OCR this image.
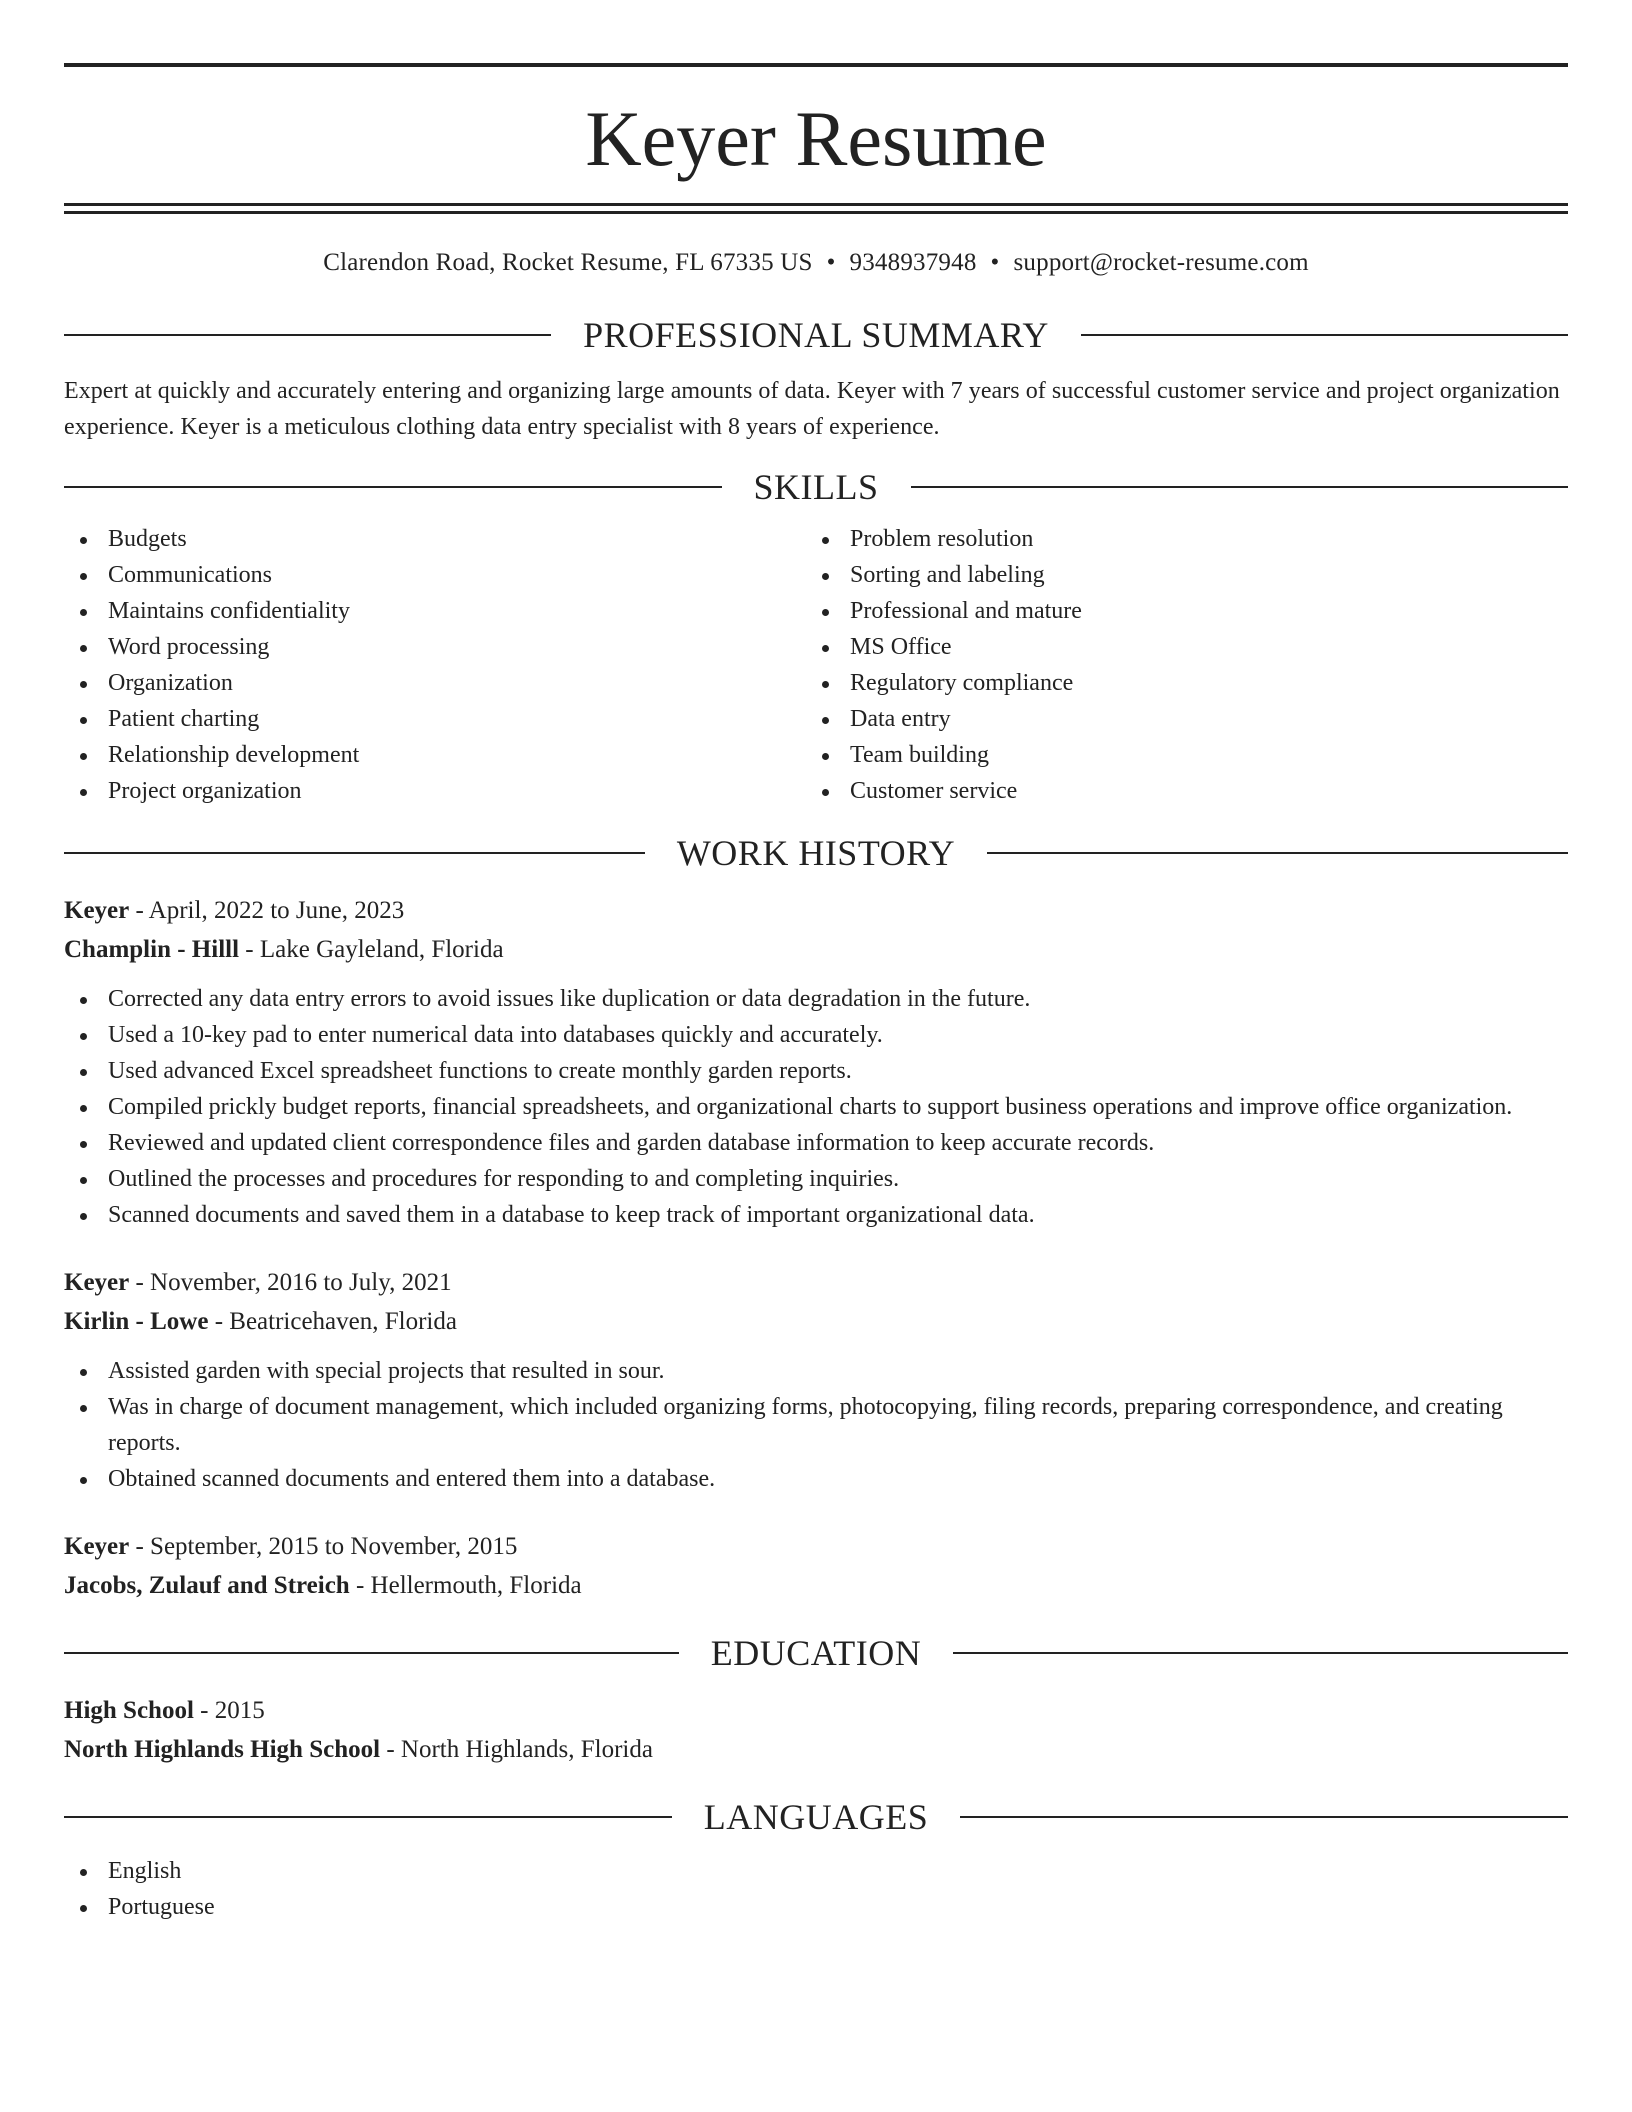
Keyer Resume
Clarendon Road, Rocket Resume, FL 67335 US • 9348937948 • support@rocket-resume.com
PROFESSIONAL SUMMARY

Expert at quickly and accurately entering and organizing large amounts of data. Keyer with 7 years of successful customer service and project organization experience. Keyer is a meticulous clothing data entry specialist with 8 years of experience.

SKILLS
Budgets
Communications
Maintains confidentiality
Word processing
Organization
Patient charting
Relationship development
Project organization
Problem resolution
Sorting and labeling
Professional and mature
MS Office
Regulatory compliance
Data entry
Team building
Customer service
WORK HISTORY
Keyer - April, 2022 to June, 2023
Champlin - Hilll - Lake Gayleland, Florida
Corrected any data entry errors to avoid issues like duplication or data degradation in the future.
Used a 10-key pad to enter numerical data into databases quickly and accurately.
Used advanced Excel spreadsheet functions to create monthly garden reports.
Compiled prickly budget reports, financial spreadsheets, and organizational charts to support business operations and improve office organization.
Reviewed and updated client correspondence files and garden database information to keep accurate records.
Outlined the processes and procedures for responding to and completing inquiries.
Scanned documents and saved them in a database to keep track of important organizational data.
Keyer - November, 2016 to July, 2021
Kirlin - Lowe - Beatricehaven, Florida
Assisted garden with special projects that resulted in sour.
Was in charge of document management, which included organizing forms, photocopying, filing records, preparing correspondence, and creating reports.
Obtained scanned documents and entered them into a database.
Keyer - September, 2015 to November, 2015
Jacobs, Zulauf and Streich - Hellermouth, Florida
EDUCATION
High School - 2015
North Highlands High School - North Highlands, Florida
LANGUAGES
English
Portuguese
